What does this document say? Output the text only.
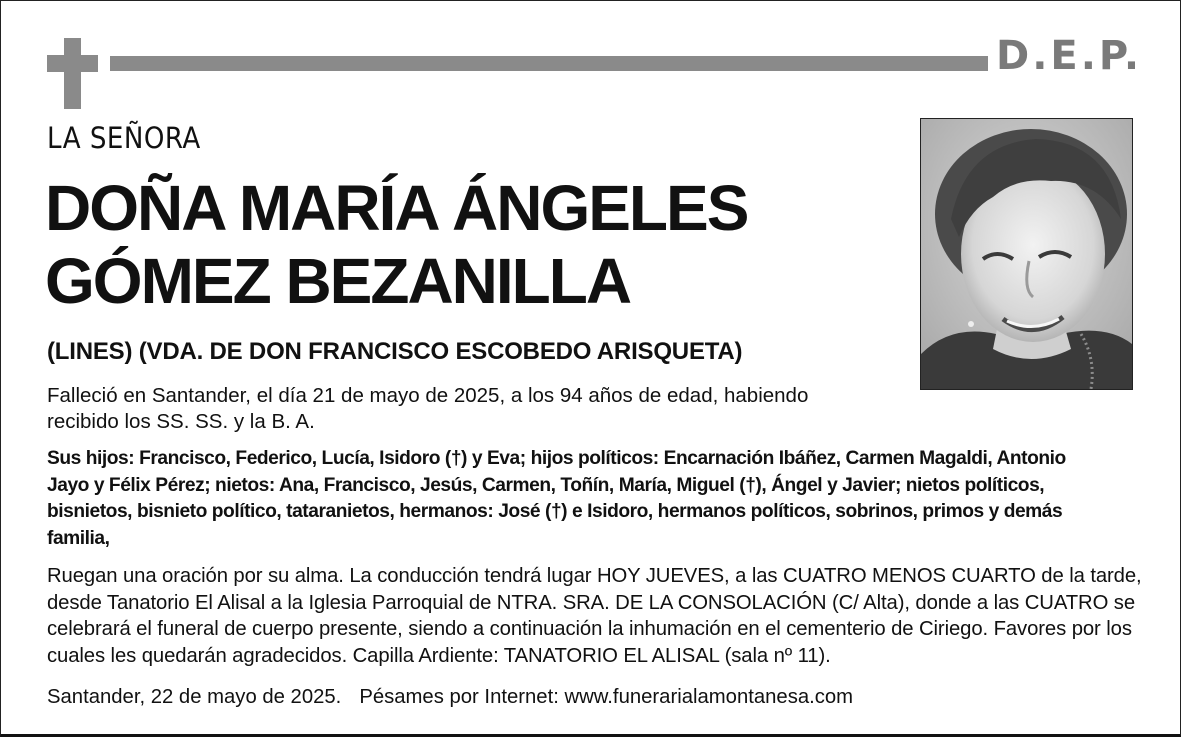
D.E.P.
LA SEÑORA
DOÑA MARÍA ÁNGELES
GÓMEZ BEZANILLA
(LINES) (VDA. DE DON FRANCISCO ESCOBEDO ARISQUETA)
Falleció en Santander, el día 21 de mayo de 2025, a los 94 años de edad, habiendo recibido los SS. SS. y la B. A.
Sus hijos: Francisco, Federico, Lucía, Isidoro (†) y Eva; hijos políticos: Encarnación Ibáñez, Carmen Magaldi, Antonio Jayo y Félix Pérez; nietos: Ana, Francisco, Jesús, Carmen, Toñín, María, Miguel (†), Ángel y Javier; nietos políticos, bisnietos, bisnieto político, tataranietos, hermanos: José (†) e Isidoro, hermanos políticos, sobrinos, primos y demás familia,
Ruegan una oración por su alma. La conducción tendrá lugar HOY JUEVES, a las CUATRO MENOS CUARTO de la tarde, desde Tanatorio El Alisal a la Iglesia Parroquial de NTRA. SRA. DE LA CONSOLACIÓN (C/ Alta), donde a las CUATRO se celebrará el funeral de cuerpo presente, siendo a continuación la inhumación en el cementerio de Ciriego. Favores por los cuales les quedarán agradecidos. Capilla Ardiente: TANATORIO EL ALISAL (sala nº 11).
Santander, 22 de mayo de 2025. Pésames por Internet: www.funerarialamontanesa.com
